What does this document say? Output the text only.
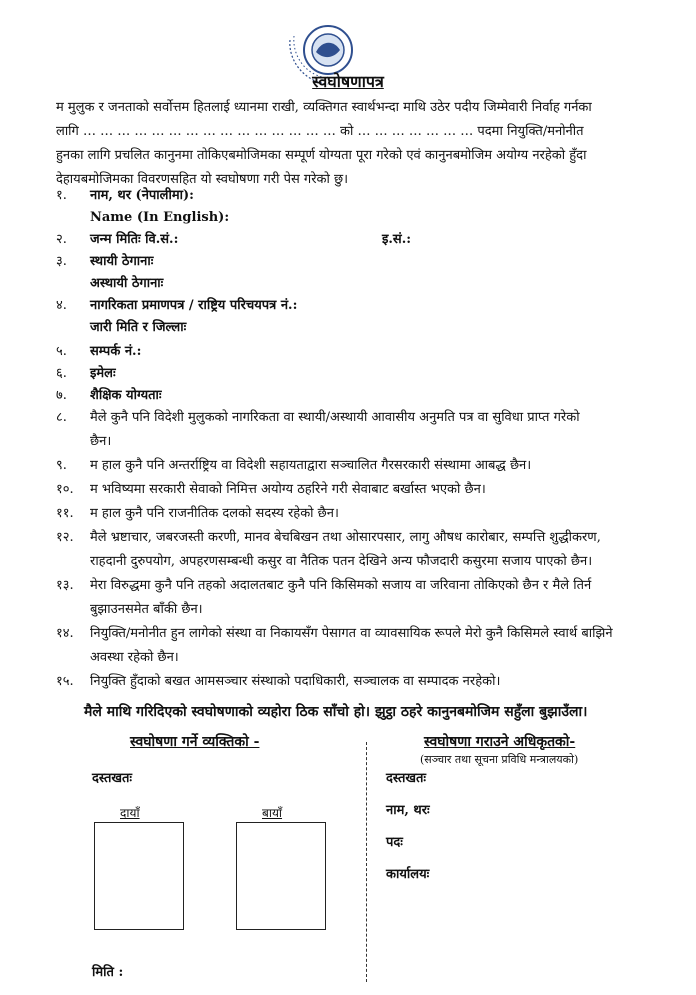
स्वघोषणापत्र
म मुलुक र जनताको सर्वोत्तम हितलाई ध्यानमा राखी, व्यक्तिगत स्वार्थभन्दा माथि उठेर पदीय जिम्मेवारी निर्वाह गर्नका
लागि … … … … … … … … … … … … … … … को … … … … … … … पदमा नियुक्ति/मनोनीत
हुनका लागि प्रचलित कानुनमा तोकिएबमोजिमका सम्पूर्ण योग्यता पूरा गरेको एवं कानुनबमोजिम अयोग्य नरहेको हुँदा
देहायबमोजिमका विवरणसहित यो स्वघोषणा गरी पेस गरेको छु।
१.	नाम, थर (नेपालीमा):
Name (In English):
२.	जन्म मितिः वि.सं.:	इ.सं.:
३.	स्थायी ठेगानाः
अस्थायी ठेगानाः
४.	नागरिकता प्रमाणपत्र / राष्ट्रिय परिचयपत्र नं.:
जारी मिति र जिल्लाः
५.	सम्पर्क नं.:
६.	इमेलः
७.	शैक्षिक योग्यताः
८.	मैले कुनै पनि विदेशी मुलुकको नागरिकता वा स्थायी/अस्थायी आवासीय अनुमति पत्र वा सुविधा प्राप्त गरेको
छैन।
९.	म हाल कुनै पनि अन्तर्राष्ट्रिय वा विदेशी सहायताद्वारा सञ्चालित गैरसरकारी संस्थामा आबद्ध छैन।
१०.	म भविष्यमा सरकारी सेवाको निमित्त अयोग्य ठहरिने गरी सेवाबाट बर्खास्त भएको छैन।
११.	म हाल कुनै पनि राजनीतिक दलको सदस्य रहेको छैन।
१२.	मैले भ्रष्टाचार, जबरजस्ती करणी, मानव बेचबिखन तथा ओसारपसार, लागु औषध कारोबार, सम्पत्ति शुद्धीकरण,
राहदानी दुरुपयोग, अपहरणसम्बन्धी कसुर वा नैतिक पतन देखिने अन्य फौजदारी कसुरमा सजाय पाएको छैन।
१३.	मेरा विरुद्धमा कुनै पनि तहको अदालतबाट कुनै पनि किसिमको सजाय वा जरिवाना तोकिएको छैन र मैले तिर्न
बुझाउनसमेत बाँकी छैन।
१४.	नियुक्ति/मनोनीत हुन लागेको संस्था वा निकायसँग पेसागत वा व्यावसायिक रूपले मेरो कुनै किसिमले स्वार्थ बाझिने
अवस्था रहेको छैन।
१५.	नियुक्ति हुँदाको बखत आमसञ्चार संस्थाको पदाधिकारी, सञ्चालक वा सम्पादक नरहेको।
मैले माथि गरिदिएको स्वघोषणाको व्यहोरा ठिक साँचो हो। झुट्ठा ठहरे कानुनबमोजिम सहुँला बुझाउँला।
स्वघोषणा गर्ने व्यक्तिको -
दस्तखतः
दायाँ	बायाँ
मिति :
स्वघोषणा गराउने अधिकृतको-
(सञ्चार तथा सूचना प्रविधि मन्त्रालयको)
दस्तखतः
नाम, थरः
पदः
कार्यालयः
